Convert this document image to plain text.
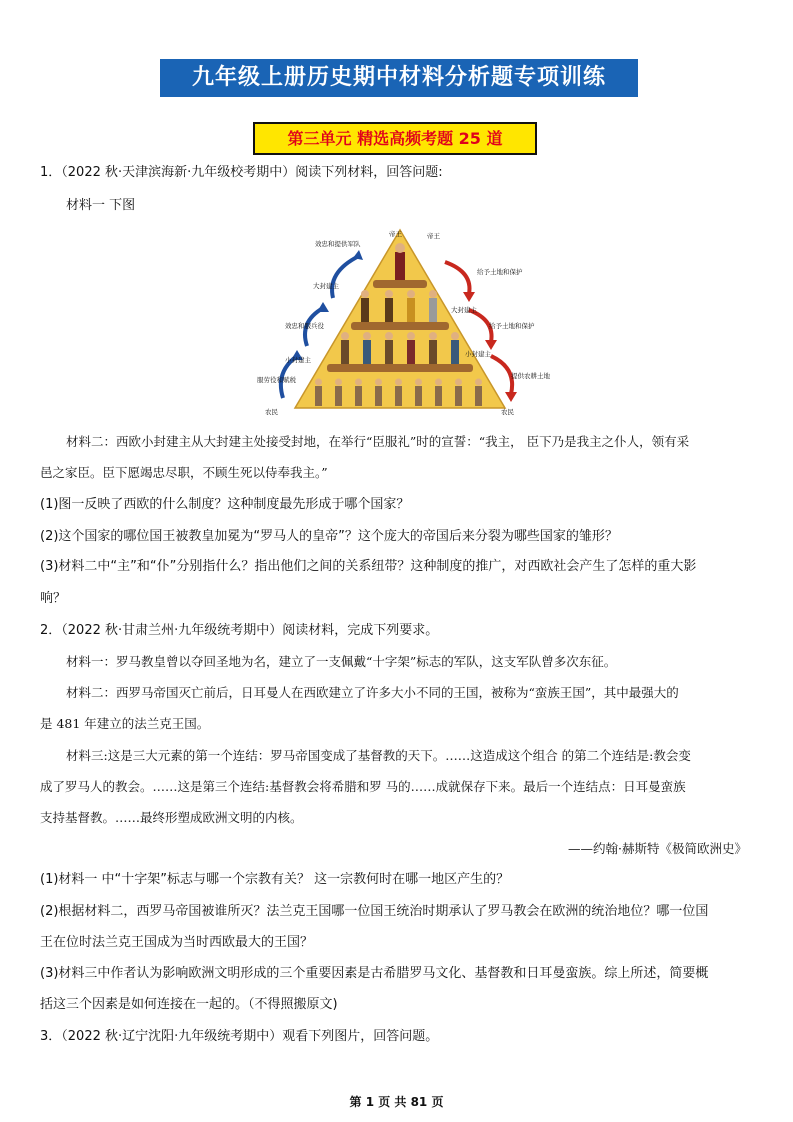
九年级上册历史期中材料分析题专项训练
第三单元 精选高频考题 25 道
1．（2022 秋·天津滨海新·九年级校考期中）阅读下列材料，回答问题:
材料一 下图
帝王
效忠和提供军队
大封建主
效忠和服兵役
小封建主
服劳役和赋税
农民
帝王
给予土地和保护
大封建主
给予土地和保护
小封建主
提供农耕土地
农民
材料二：西欧小封建主从大封建主处接受封地，在举行“臣服礼”时的宣誓：“我主， 臣下乃是我主之仆人，领有采
邑之家臣。臣下愿竭忠尽职，不顾生死以侍奉我主。”
(1)图一反映了西欧的什么制度？这种制度最先形成于哪个国家？
(2)这个国家的哪位国王被教皇加冕为“罗马人的皇帝”？这个庞大的帝国后来分裂为哪些国家的雏形？
(3)材料二中“主”和“仆”分别指什么？指出他们之间的关系纽带？这种制度的推广，对西欧社会产生了怎样的重大影
响？
2．（2022 秋·甘肃兰州·九年级统考期中）阅读材料，完成下列要求。
材料一：罗马教皇曾以夺回圣地为名，建立了一支佩戴“十字架”标志的军队，这支军队曾多次东征。
材料二：西罗马帝国灭亡前后，日耳曼人在西欧建立了许多大小不同的王国，被称为“蛮族王国”，其中最强大的
是 481 年建立的法兰克王国。
材料三:这是三大元素的第一个连结：罗马帝国变成了基督教的天下。……这造成这个组合 的第二个连结是:教会变
成了罗马人的教会。……这是第三个连结:基督教会将希腊和罗 马的……成就保存下来。最后一个连结点：日耳曼蛮族
支持基督教。……最终形塑成欧洲文明的内核。
——约翰·赫斯特《极简欧洲史》
(1)材料一 中“十字架”标志与哪一个宗教有关？ 这一宗教何时在哪一地区产生的？
(2)根据材料二，西罗马帝国被谁所灭？法兰克王国哪一位国王统治时期承认了罗马教会在欧洲的统治地位？哪一位国
王在位时法兰克王国成为当时西欧最大的王国？
(3)材料三中作者认为影响欧洲文明形成的三个重要因素是古希腊罗马文化、基督教和日耳曼蛮族。综上所述，简要概
括这三个因素是如何连接在一起的。（不得照搬原文)
3．（2022 秋·辽宁沈阳·九年级统考期中）观看下列图片，回答问题。
第 1 页 共 81 页
